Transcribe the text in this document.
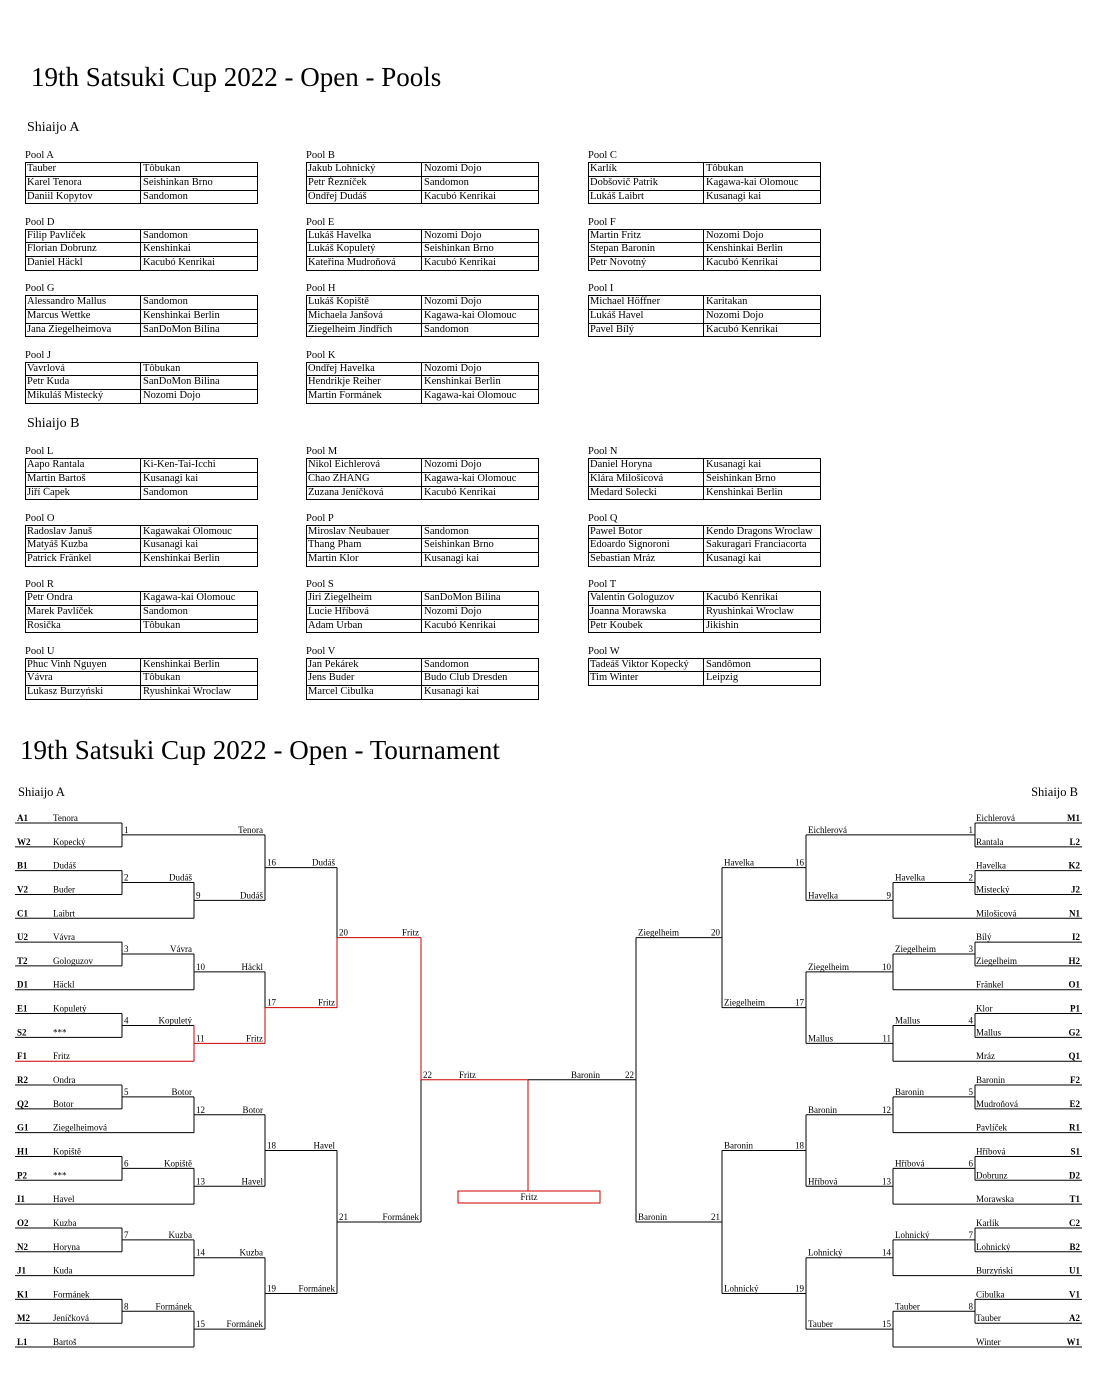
19th Satsuki Cup 2022 - Open - Pools
Shiaijo A
Shiaijo B
Pool A
Tauber	Tôbukan
Karel Tenora	Seishinkan Brno
Daniil Kopytov	Sandomon
Pool B
Jakub Lohnický	Nozomi Dojo
Petr Řezníček	Sandomon
Ondřej Dudáš	Kacubó Kenrikai
Pool C
Karlík	Tôbukan
Dobšovič Patrik	Kagawa-kai Olomouc
Lukáš Laibrt	Kusanagi kai
Pool D
Filip Pavlíček	Sandomon
Florian Dobrunz	Kenshinkai
Daniel Häckl	Kacubó Kenrikai
Pool E
Lukáš Havelka	Nozomi Dojo
Lukáš Kopuletý	Seishinkan Brno
Kateřina Mudroňová	Kacubó Kenrikai
Pool F
Martin Fritz	Nozomi Dojo
Stepan Baronin	Kenshinkai Berlin
Petr Novotný	Kacubó Kenrikai
Pool G
Alessandro Mallus	Sandomon
Marcus Wettke	Kenshinkai Berlin
Jana Ziegelheimova	SanDoMon Bilina
Pool H
Lukáš Kopiště	Nozomi Dojo
Michaela Janšová	Kagawa-kai Olomouc
Ziegelheim Jindřich	Sandomon
Pool I
Michael Höffner	Karitakan
Lukáš Havel	Nozomi Dojo
Pavel Bílý	Kacubó Kenrikai
Pool J
Vavrlová	Tôbukan
Petr Kuda	SanDoMon Bilina
Mikuláš Mistecký	Nozomi Dojo
Pool K
Ondřej Havelka	Nozomi Dojo
Hendrikje Reiher	Kenshinkai Berlin
Martin Formánek	Kagawa-kai Olomouc
Pool L
Aapo Rantala	Ki-Ken-Tai-Icchi
Martin Bartoš	Kusanagi kai
Jiří Čapek	Sandomon
Pool M
Nikol Eichlerová	Nozomi Dojo
Chao ZHANG	Kagawa-kai Olomouc
Zuzana Jeníčková	Kacubó Kenrikai
Pool N
Daniel Horyna	Kusanagi kai
Klára Milošicová	Seishinkan Brno
Medard Solecki	Kenshinkai Berlin
Pool O
Radoslav Januš	Kagawakai Olomouc
Matyáš Kuzba	Kusanagi kai
Patrick Fränkel	Kenshinkai Berlin
Pool P
Miroslav Neubauer	Sandomon
Thang Pham	Seishinkan Brno
Martin Klor	Kusanagi kai
Pool Q
Pawel Botor	Kendo Dragons Wroclaw
Edoardo Signoroni	Sakuragari Franciacorta
Sebastian Mráz	Kusanagi kai
Pool R
Petr Ondra	Kagawa-kai Olomouc
Marek Pavlíček	Sandomon
Rosička	Tôbukan
Pool S
Jiri Ziegelheim	SanDoMon Bilina
Lucie Hříbová	Nozomi Dojo
Adam Urban	Kacubó Kenrikai
Pool T
Valentin Gologuzov	Kacubó Kenrikai
Joanna Morawska	Ryushinkai Wroclaw
Petr Koubek	Jikishin
Pool U
Phuc Vinh Nguyen	Kenshinkai Berlin
Vávra	Tôbukan
Lukasz Burzyński	Ryushinkai Wroclaw
Pool V
Jan Pekárek	Sandomon
Jens Buder	Budo Club Dresden
Marcel Cibulka	Kusanagi kai
Pool W
Tadeáš Viktor Kopecký	Sandômon
Tim Winter	Leipzig
19th Satsuki Cup 2022 - Open - Tournament
Shiaijo A	Shiaijo B
A1	Tenora
W2	Kopecký
B1	Dudáš
V2	Buder
C1	Laibrt
U2	Vávra
T2	Gologuzov
D1	Häckl
E1	Kopuletý
S2	***
F1	Fritz
R2	Ondra
Q2	Botor
G1	Ziegelheimová
H1	Kopiště
P2	***
I1	Havel
O2	Kuzba
N2	Horyna
J1	Kuda
K1	Formánek
M2	Jeníčková
L1	Bartoš
1	Tenora
2	Dudáš
9	Dudáš
3	Vávra
10	Häckl
4	Kopuletý
11	Fritz
5	Botor
12	Botor
6	Kopiště
13	Havel
7	Kuzba
14	Kuzba
8	Formánek
15 Formánek
16	Dudáš
17	Fritz
18	Havel
19	Formánek
20	Fritz
21	Formánek
Eichlerová	M1
Rantala	L2
Havelka	K2
Mistecký	J2
Milošicová	N1
Bílý	I2
Ziegelheim	H2
Fränkel	O1
Klor	P1
Mallus	G2
Mráz	Q1
Baronin	F2
Mudroňová	E2
Pavlíček	R1
Hříbová	S1
Dobrunz	D2
Morawska	T1
Karlík	C2
Lohnický	B2
Burzyński	U1
Cibulka	V1
Tauber	A2
Winter	W1
1
Eichlerová
2
Havelka
9
Havelka
3
Ziegelheim
10
Ziegelheim
4
Mallus
11
Mallus
5
Baronin
12
Baronin
6
Hříbová
13
Hříbová
7
Lohnický
14
Lohnický
8
Tauber
15
Tauber
16
Havelka
17
Ziegelheim
18
Baronin
19
Lohnický
20
Ziegelheim
21
Baronin
22	22
Fritz	Baronin
Fritz
